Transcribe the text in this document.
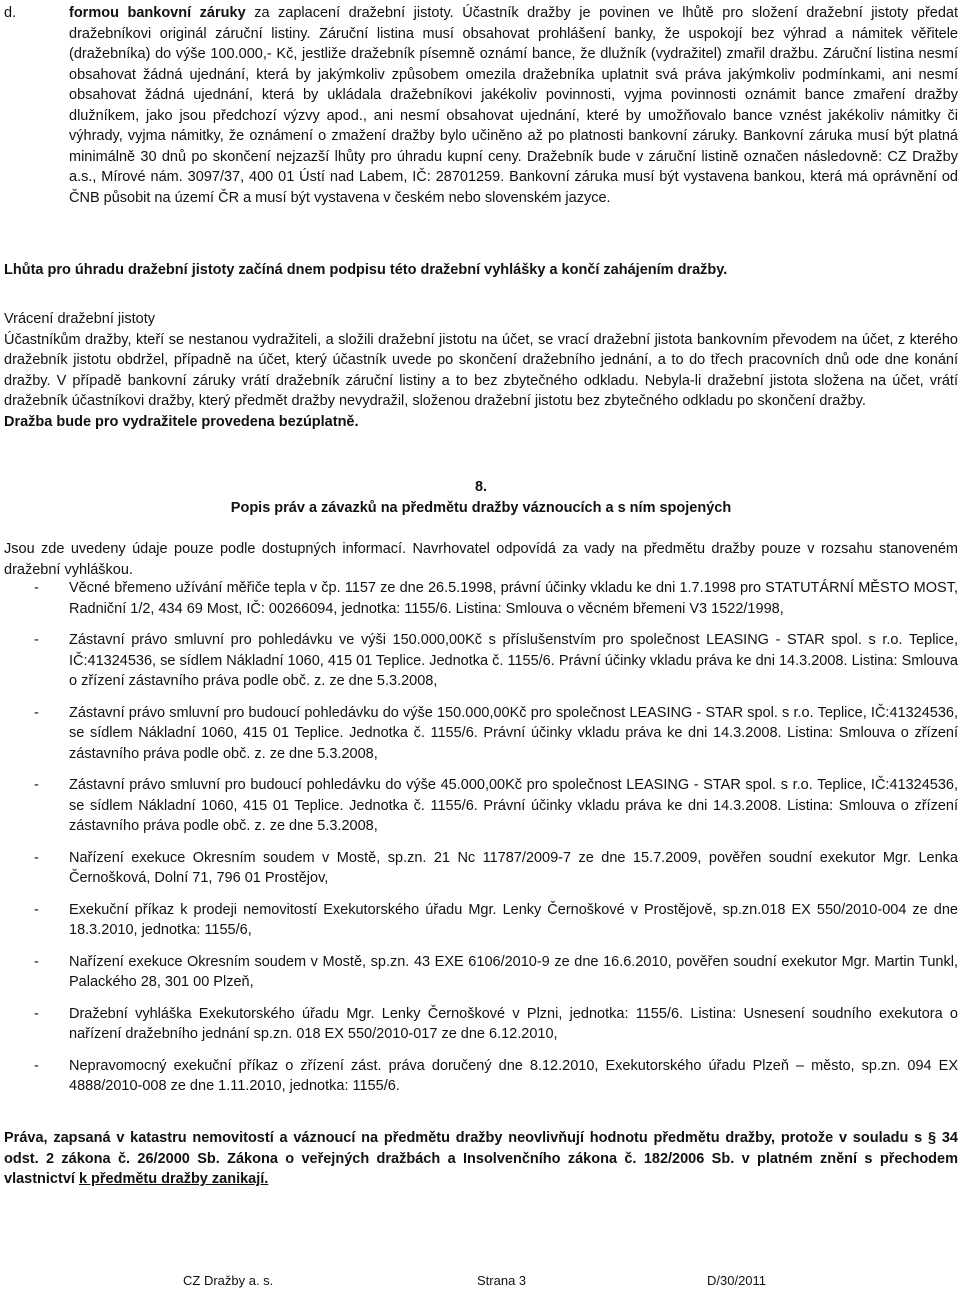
d.	formou bankovní záruky za zaplacení dražební jistoty. Účastník dražby je povinen ve lhůtě pro složení dražební jistoty předat dražebníkovi originál záruční listiny. Záruční listina musí obsahovat prohlášení banky, že uspokojí bez výhrad a námitek věřitele (dražebníka) do výše 100.000,- Kč, jestliže dražebník písemně oznámí bance, že dlužník (vydražitel) zmařil dražbu. Záruční listina nesmí obsahovat žádná ujednání, která by jakýmkoliv způsobem omezila dražebníka uplatnit svá práva jakýmkoliv podmínkami, ani nesmí obsahovat žádná ujednání, která by ukládala dražebníkovi jakékoliv povinnosti, vyjma povinnosti oznámit bance zmaření dražby dlužníkem, jako jsou předchozí výzvy apod., ani nesmí obsahovat ujednání, které by umožňovalo bance vznést jakékoliv námitky či výhrady, vyjma námitky, že oznámení o zmažení dražby bylo učiněno až po platnosti bankovní záruky. Bankovní záruka musí být platná minimálně 30 dnů po skončení nejzazší lhůty pro úhradu kupní ceny. Dražebník bude v záruční listině označen následovně: CZ Dražby a.s., Mírové nám. 3097/37, 400 01 Ústí nad Labem, IČ: 28701259. Bankovní záruka musí být vystavena bankou, která má oprávnění od ČNB působit na území ČR a musí být vystavena v českém nebo slovenském jazyce.
Lhůta pro úhradu dražební jistoty začíná dnem podpisu této dražební vyhlášky a končí zahájením dražby.
Vrácení dražební jistoty
Účastníkům dražby, kteří se nestanou vydražiteli, a složili dražební jistotu na účet, se vrací dražební jistota bankovním převodem na účet, z kterého dražebník jistotu obdržel, případně na účet, který účastník uvede po skončení dražebního jednání, a to do třech pracovních dnů ode dne konání dražby. V případě bankovní záruky vrátí dražebník záruční listiny a to bez zbytečného odkladu. Nebyla-li dražební jistota složena na účet, vrátí dražebník účastníkovi dražby, který předmět dražby nevydražil, složenou dražební jistotu bez zbytečného odkladu po skončení dražby.
Dražba bude pro vydražitele provedena bezúplatně.
8.
Popis práv a závazků na předmětu dražby váznoucích a s ním spojených
Jsou zde uvedeny údaje pouze podle dostupných informací. Navrhovatel odpovídá za vady na předmětu dražby pouze v rozsahu stanoveném dražební vyhláškou.
- Věcné břemeno užívání měřiče tepla v čp. 1157 ze dne 26.5.1998, právní účinky vkladu ke dni 1.7.1998 pro STATUTÁRNÍ MĚSTO MOST, Radniční 1/2, 434 69 Most, IČ: 00266094, jednotka: 1155/6. Listina: Smlouva o věcném břemeni V3 1522/1998,
- Zástavní právo smluvní pro pohledávku ve výši 150.000,00Kč s příslušenstvím pro společnost LEASING - STAR spol. s r.o. Teplice, IČ:41324536, se sídlem Nákladní 1060, 415 01 Teplice. Jednotka č. 1155/6. Právní účinky vkladu práva ke dni 14.3.2008. Listina: Smlouva o zřízení zástavního práva podle obč. z. ze dne 5.3.2008,
- Zástavní právo smluvní pro budoucí pohledávku do výše 150.000,00Kč pro společnost LEASING - STAR spol. s r.o. Teplice, IČ:41324536, se sídlem Nákladní 1060, 415 01 Teplice. Jednotka č. 1155/6. Právní účinky vkladu práva ke dni 14.3.2008. Listina: Smlouva o zřízení zástavního práva podle obč. z. ze dne 5.3.2008,
- Zástavní právo smluvní pro budoucí pohledávku do výše 45.000,00Kč pro společnost LEASING - STAR spol. s r.o. Teplice, IČ:41324536, se sídlem Nákladní 1060, 415 01 Teplice. Jednotka č. 1155/6. Právní účinky vkladu práva ke dni 14.3.2008. Listina: Smlouva o zřízení zástavního práva podle obč. z. ze dne 5.3.2008,
- Nařízení exekuce Okresním soudem v Mostě, sp.zn. 21 Nc 11787/2009-7 ze dne 15.7.2009, pověřen soudní exekutor Mgr. Lenka Černošková, Dolní 71, 796 01 Prostějov,
- Exekuční příkaz k prodeji nemovitostí Exekutorského úřadu Mgr. Lenky Černoškové v Prostějově, sp.zn.018 EX 550/2010-004 ze dne 18.3.2010, jednotka: 1155/6,
- Nařízení exekuce Okresním soudem v Mostě, sp.zn. 43 EXE 6106/2010-9 ze dne 16.6.2010, pověřen soudní exekutor Mgr. Martin Tunkl, Palackého 28, 301 00 Plzeň,
- Dražební vyhláška Exekutorského úřadu Mgr. Lenky Černoškové v Plzni, jednotka: 1155/6. Listina: Usnesení soudního exekutora o nařízení dražebního jednání sp.zn. 018 EX 550/2010-017 ze dne 6.12.2010,
- Nepravomocný exekuční příkaz o zřízení zást. práva doručený dne 8.12.2010, Exekutorského úřadu Plzeň – město, sp.zn. 094 EX 4888/2010-008 ze dne 1.11.2010, jednotka: 1155/6.
Práva, zapsaná v katastru nemovitostí a váznoucí na předmětu dražby neovlivňují hodnotu předmětu dražby, protože v souladu s § 34 odst. 2 zákona č. 26/2000 Sb. Zákona o veřejných dražbách a Insolvenčního zákona č. 182/2006 Sb. v platném znění s přechodem vlastnictví k předmětu dražby zanikají.
CZ Dražby a. s.	Strana 3	D/30/2011
